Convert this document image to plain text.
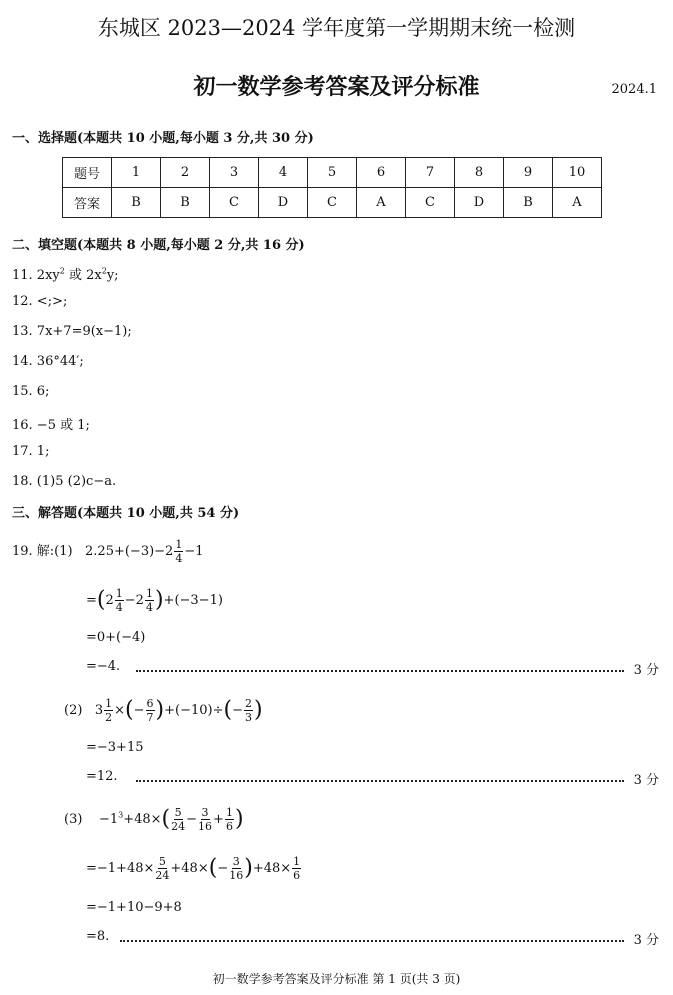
东城区 2023—2024 学年度第一学期期末统一检测
初一数学参考答案及评分标准	2024.1
一、选择题(本题共 10 小题,每小题 3 分,共 30 分)
题号	1	2	3	4	5	6	7	8	9	10
答案	B	B	C	D	C	A	C	D	B	A
二、填空题(本题共 8 小题,每小题 2 分,共 16 分)
11. $2xy^2$ 或 $2x^2y$;
12. <;>;
13. 7x+7=9(x−1);
14. 36°44′;
15. 6;
16. −5 或 1;
17. 1;
18. (1)5 (2)c−a.
三、解答题(本题共 10 小题,共 54 分)
19. 解:(1) $2.25+(-3)-2 \frac{1}{4} -1$
$=(2 \frac{1}{4} -2 \frac{1}{4} )+(-3-1)$
=0+(−4)
=−4.	3 分
(2) $3 \frac{1}{2}$ ×(− $\frac{6}{7} )+(-10)\div(- \frac{2}{3}$ )
=−3+15
=12.	3 分
$(3) -1^3+48\times( \frac{5}{24} - \frac{3}{16} + \frac{1}{6}$ )
$=-1+48\times \frac{5}{24} +48\times(- \frac{3}{16} )+48\times \frac{1}{6}$
=−1+10−9+8
=8.	3 分
初一数学参考答案及评分标准 第 1 页(共 3 页)
